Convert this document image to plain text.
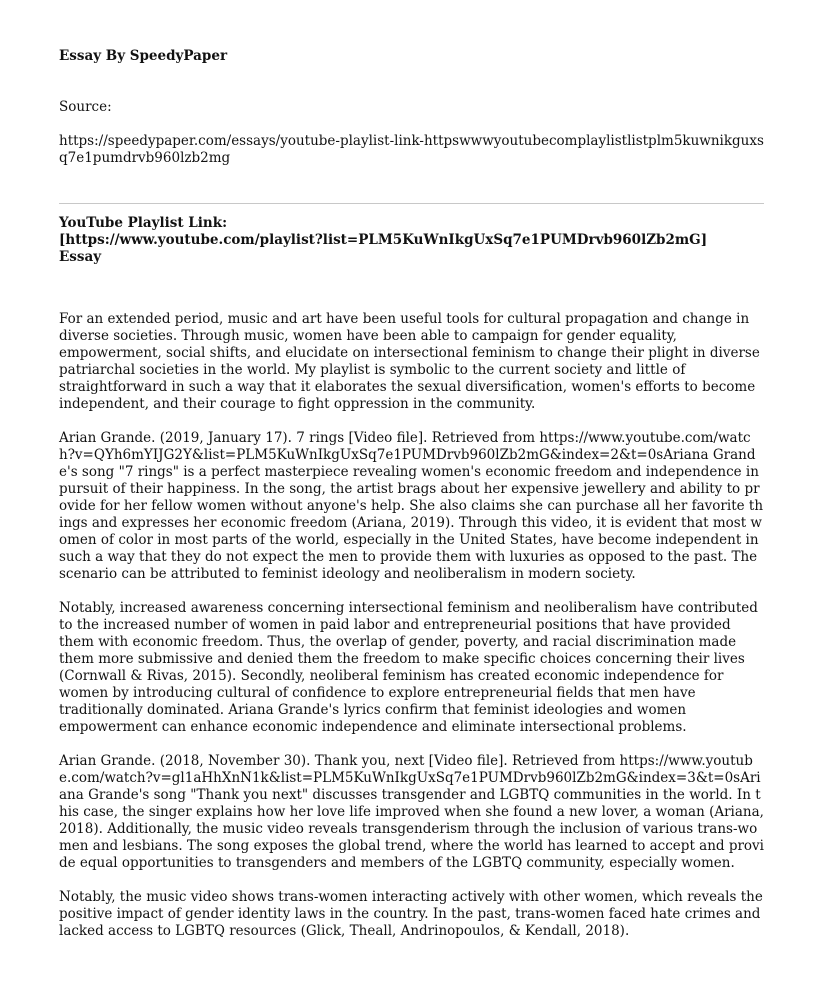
Essay By SpeedyPaper

Source:

https://speedypaper.com/essays/youtube-playlist-link-httpswwwyoutubecomplaylistlistplm5kuwnikguxsq7e1pumdrvb960lzb2mg

YouTube Playlist Link:
[https://www.youtube.com/playlist?list=PLM5KuWnIkgUxSq7e1PUMDrvb960lZb2mG]
Essay

For an extended period, music and art have been useful tools for cultural propagation and change in diverse societies. Through music, women have been able to campaign for gender equality, empowerment, social shifts, and elucidate on intersectional feminism to change their plight in diverse patriarchal societies in the world. My playlist is symbolic to the current society and little of straightforward in such a way that it elaborates the sexual diversification, women's efforts to become independent, and their courage to fight oppression in the community.

Arian Grande. (2019, January 17). 7 rings [Video file]. Retrieved from https://www.youtube.com/watch?v=QYh6mYIJG2Y&list=PLM5KuWnIkgUxSq7e1PUMDrvb960lZb2mG&index=2&t=0sAriana Grande's song "7 rings" is a perfect masterpiece revealing women's economic freedom and independence in pursuit of their happiness. In the song, the artist brags about her expensive jewellery and ability to provide for her fellow women without anyone's help. She also claims she can purchase all her favorite things and expresses her economic freedom (Ariana, 2019). Through this video, it is evident that most women of color in most parts of the world, especially in the United States, have become independent in such a way that they do not expect the men to provide them with luxuries as opposed to the past. The scenario can be attributed to feminist ideology and neoliberalism in modern society.

Notably, increased awareness concerning intersectional feminism and neoliberalism have contributed to the increased number of women in paid labor and entrepreneurial positions that have provided them with economic freedom. Thus, the overlap of gender, poverty, and racial discrimination made them more submissive and denied them the freedom to make specific choices concerning their lives (Cornwall & Rivas, 2015). Secondly, neoliberal feminism has created economic independence for women by introducing cultural of confidence to explore entrepreneurial fields that men have traditionally dominated. Ariana Grande's lyrics confirm that feminist ideologies and women empowerment can enhance economic independence and eliminate intersectional problems.

Arian Grande. (2018, November 30). Thank you, next [Video file]. Retrieved from https://www.youtube.com/watch?v=gl1aHhXnN1k&list=PLM5KuWnIkgUxSq7e1PUMDrvb960lZb2mG&index=3&t=0sAriana Grande's song "Thank you next" discusses transgender and LGBTQ communities in the world. In this case, the singer explains how her love life improved when she found a new lover, a woman (Ariana, 2018). Additionally, the music video reveals transgenderism through the inclusion of various trans-women and lesbians. The song exposes the global trend, where the world has learned to accept and provide equal opportunities to transgenders and members of the LGBTQ community, especially women.

Notably, the music video shows trans-women interacting actively with other women, which reveals the positive impact of gender identity laws in the country. In the past, trans-women faced hate crimes and lacked access to LGBTQ resources (Glick, Theall, Andrinopoulos, & Kendall, 2018).
